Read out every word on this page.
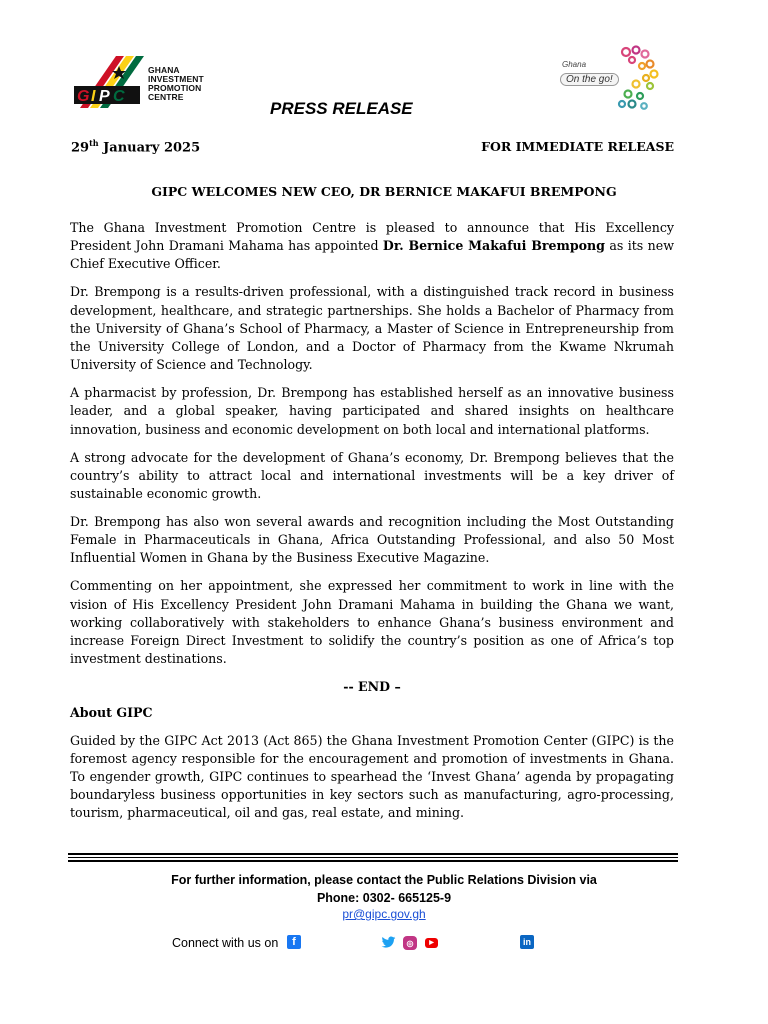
G I P C
GHANA
INVESTMENT
PROMOTION
CENTRE
Ghana
On the go!
PRESS RELEASE
29th January 2025	FOR IMMEDIATE RELEASE
GIPC WELCOMES NEW CEO, DR BERNICE MAKAFUI BREMPONG

The Ghana Investment Promotion Centre is pleased to announce that His Excellency President John Dramani Mahama has appointed Dr. Bernice Makafui Brempong as its new Chief Executive Officer.

Dr. Brempong is a results-driven professional, with a distinguished track record in business development, healthcare, and strategic partnerships. She holds a Bachelor of Pharmacy from the University of Ghana’s School of Pharmacy, a Master of Science in Entrepreneurship from the University College of London, and a Doctor of Pharmacy from the Kwame Nkrumah University of Science and Technology.

A pharmacist by profession, Dr. Brempong has established herself as an innovative business leader, and a global speaker, having participated and shared insights on healthcare innovation, business and economic development on both local and international platforms.

A strong advocate for the development of Ghana’s economy, Dr. Brempong believes that the country’s ability to attract local and international investments will be a key driver of sustainable economic growth.

Dr. Brempong has also won several awards and recognition including the Most Outstanding Female in Pharmaceuticals in Ghana, Africa Outstanding Professional, and also 50 Most Influential Women in Ghana by the Business Executive Magazine.

Commenting on her appointment, she expressed her commitment to work in line with the vision of His Excellency President John Dramani Mahama in building the Ghana we want, working collaboratively with stakeholders to enhance Ghana’s business environment and increase Foreign Direct Investment to solidify the country’s position as one of Africa’s top investment destinations.

-- END –

About GIPC

Guided by the GIPC Act 2013 (Act 865) the Ghana Investment Promotion Center (GIPC) is the foremost agency responsible for the encouragement and promotion of investments in Ghana. To engender growth, GIPC continues to spearhead the ‘Invest Ghana’ agenda by propagating boundaryless business opportunities in key sectors such as manufacturing, agro-processing, tourism, pharmaceutical, oil and gas, real estate, and mining.

For further information, please contact the Public Relations Division via
Phone: 0302- 665125-9
pr@gipc.gov.gh
Connect with us on	f	◎	▶	in
